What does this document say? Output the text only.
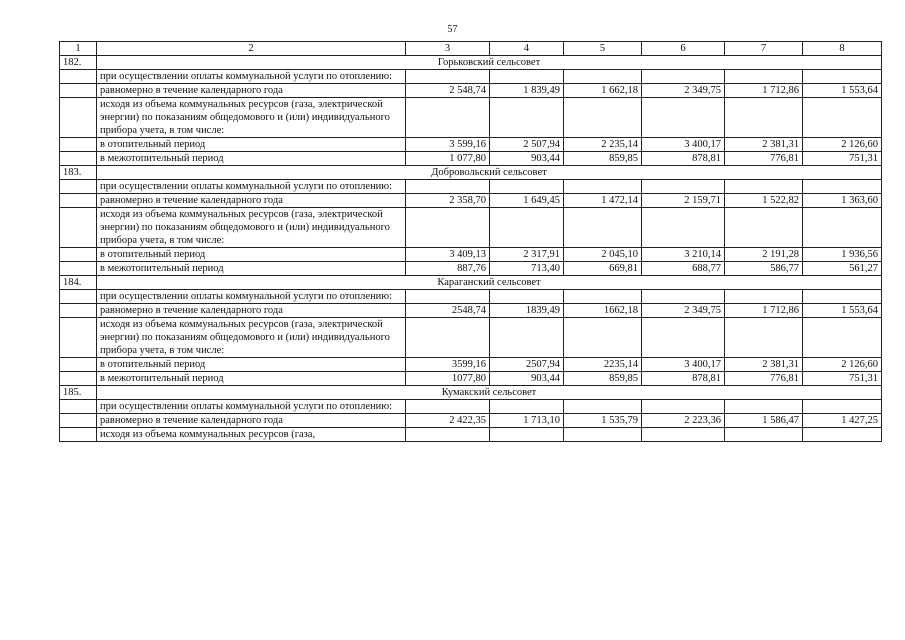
57
1	2	3	4	5	6	7	8
182.	Горьковский сельсовет						
	при осуществлении оплаты коммунальной услуги по отоплению:						
	равномерно в течение календарного года	2 548,74	1 839,49	1 662,18	2 349,75	1 712,86	1 553,64
	исходя из объема коммунальных ресурсов (газа, электрической энергии) по показаниям общедомового и (или) индивидуального прибора учета, в том числе:						
	в отопительный период	3 599,16	2 507,94	2 235,14	3 400,17	2 381,31	2 126,60
	в межотопительный период	1 077,80	903,44	859,85	878,81	776,81	751,31
183.	Добровольский сельсовет						
	при осуществлении оплаты коммунальной услуги по отоплению:						
	равномерно в течение календарного года	2 358,70	1 649,45	1 472,14	2 159,71	1 522,82	1 363,60
	исходя из объема коммунальных ресурсов (газа, электрической энергии) по показаниям общедомового и (или) индивидуального прибора учета, в том числе:						
	в отопительный период	3 409,13	2 317,91	2 045,10	3 210,14	2 191,28	1 936,56
	в межотопительный период	887,76	713,40	669,81	688,77	586,77	561,27
184.	Караганский сельсовет						
	при осуществлении оплаты коммунальной услуги по отоплению:						
	равномерно в течение календарного года	2548,74	1839,49	1662,18	2 349,75	1 712,86	1 553,64
	исходя из объема коммунальных ресурсов (газа, электрической энергии) по показаниям общедомового и (или) индивидуального прибора учета, в том числе:						
	в отопительный период	3599,16	2507,94	2235,14	3 400,17	2 381,31	2 126,60
	в межотопительный период	1077,80	903,44	859,85	878,81	776,81	751,31
185.	Кумакский сельсовет						
	при осуществлении оплаты коммунальной услуги по отоплению:						
	равномерно в течение календарного года	2 422,35	1 713,10	1 535,79	2 223,36	1 586,47	1 427,25
	исходя из объема коммунальных ресурсов (газа,						
